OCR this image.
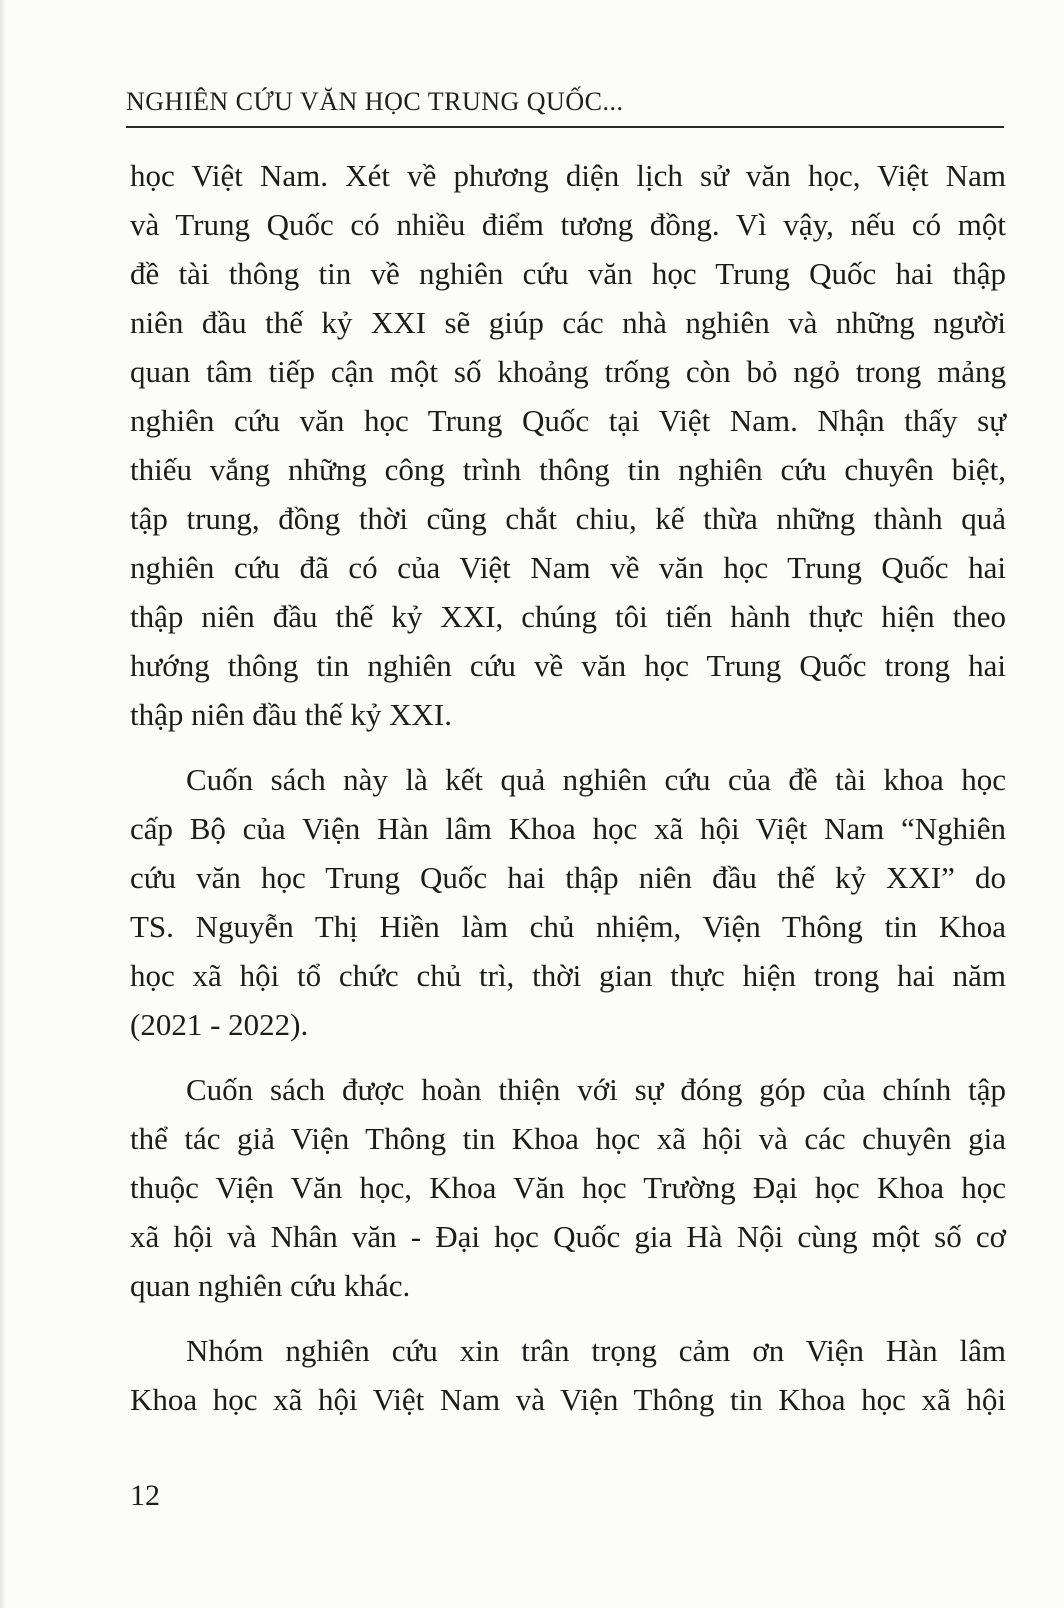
NGHIÊN CỨU VĂN HỌC TRUNG QUỐC...
học Việt Nam. Xét về phương diện lịch sử văn học, Việt Nam
và Trung Quốc có nhiều điểm tương đồng. Vì vậy, nếu có một
đề tài thông tin về nghiên cứu văn học Trung Quốc hai thập
niên đầu thế kỷ XXI sẽ giúp các nhà nghiên và những người
quan tâm tiếp cận một số khoảng trống còn bỏ ngỏ trong mảng
nghiên cứu văn học Trung Quốc tại Việt Nam. Nhận thấy sự
thiếu vắng những công trình thông tin nghiên cứu chuyên biệt,
tập trung, đồng thời cũng chắt chiu, kế thừa những thành quả
nghiên cứu đã có của Việt Nam về văn học Trung Quốc hai
thập niên đầu thế kỷ XXI, chúng tôi tiến hành thực hiện theo
hướng thông tin nghiên cứu về văn học Trung Quốc trong hai
thập niên đầu thế kỷ XXI.
Cuốn sách này là kết quả nghiên cứu của đề tài khoa học
cấp Bộ của Viện Hàn lâm Khoa học xã hội Việt Nam “Nghiên
cứu văn học Trung Quốc hai thập niên đầu thế kỷ XXI” do
TS. Nguyễn Thị Hiền làm chủ nhiệm, Viện Thông tin Khoa
học xã hội tổ chức chủ trì, thời gian thực hiện trong hai năm
(2021 - 2022).
Cuốn sách được hoàn thiện với sự đóng góp của chính tập
thể tác giả Viện Thông tin Khoa học xã hội và các chuyên gia
thuộc Viện Văn học, Khoa Văn học Trường Đại học Khoa học
xã hội và Nhân văn - Đại học Quốc gia Hà Nội cùng một số cơ
quan nghiên cứu khác.
Nhóm nghiên cứu xin trân trọng cảm ơn Viện Hàn lâm
Khoa học xã hội Việt Nam và Viện Thông tin Khoa học xã hội
12
